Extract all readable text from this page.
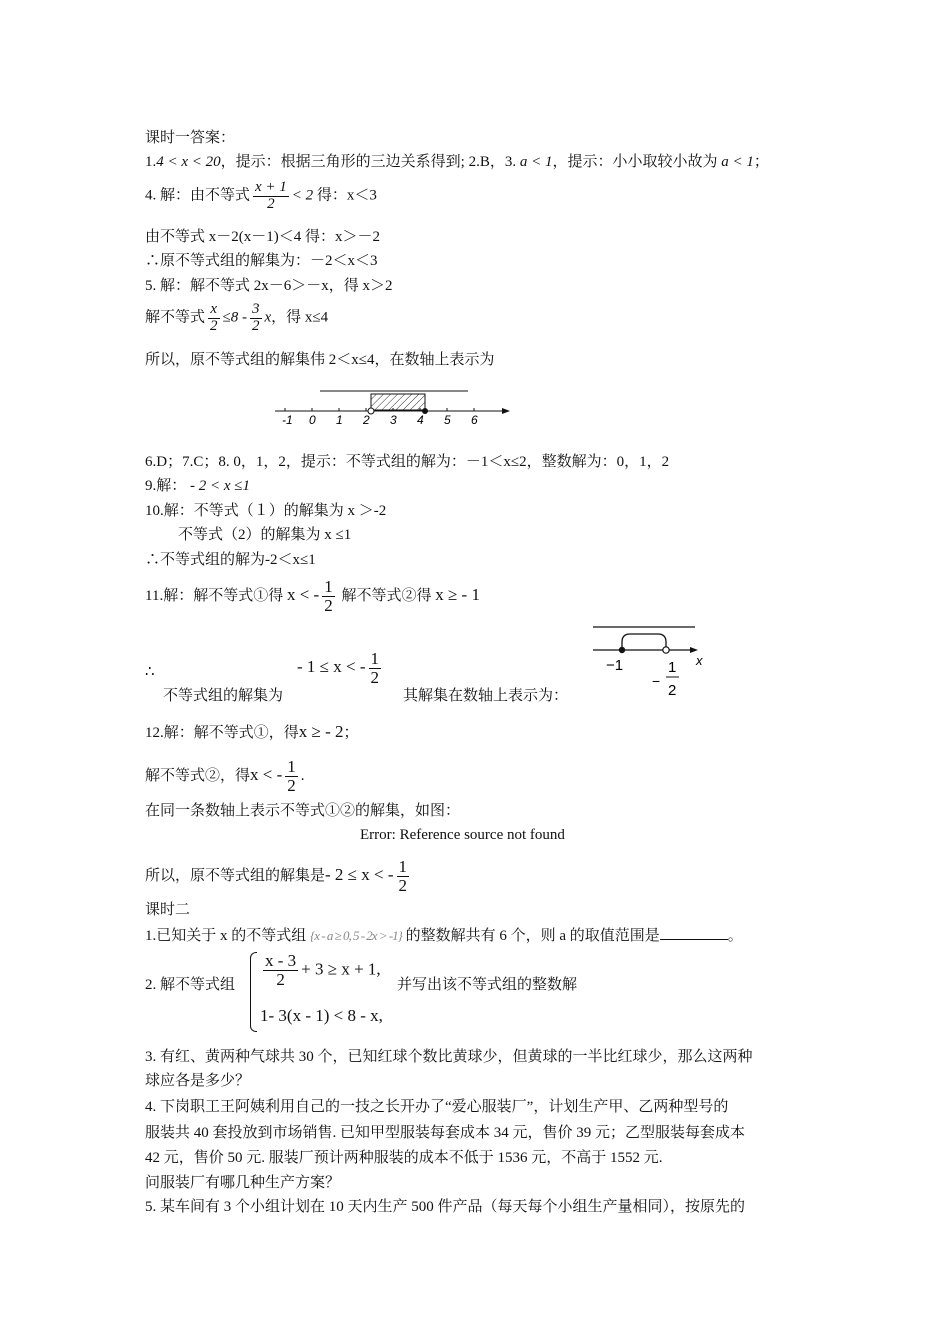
课时一答案：
1.4 < x < 20，提示：根据三角形的三边关系得到; 2.B，3. a < 1，提示：小小取较小故为 a < 1；
4. 解：由不等式 $\frac{x + 1}{2} < 2$ 得：x＜3
由不等式 x－2(x－1)＜4 得：x＞－2
∴原不等式组的解集为：－2＜x＜3
5. 解：解不等式 2x－6＞－x，得 x＞2
解不等式 $\frac{x}{2} \le 8 - \frac{3}{2}$ x，得 x≤4
所以，原不等式组的解集伟 2＜x≤4，在数轴上表示为
-1 0 1 2 3 4 5 6
6.D；7.C；8. 0，1，2，提示：不等式组的解为：－1＜x≤2，整数解为：0，1，2
9.解： - 2 < x ≤1
10.解：不等式（１）的解集为 x ＞-2
不等式（2）的解集为 x ≤1
∴不等式组的解为-2＜x≤1
11.解：解不等式①得 x < - $\frac{1}{2}$ 解不等式②得 x ≥ - 1
∴
不等式组的解集为
- 1 ≤ x < - $\frac{1}{2}$
其解集在数轴上表示为：
−1	x
−
1
2
12.解：解不等式①，得x ≥ - 2；
解不等式②，得x < - $\frac{1}{2}$ .
在同一条数轴上表示不等式①②的解集，如图：
Error: Reference source not found
所以，原不等式组的解集是- 2 ≤ x < - $\frac{1}{2}$
课时二
1.已知关于 x 的不等式组 {x - a ≥ 0, 5 - 2x > -1} 的整数解共有 6 个，则 a 的取值范围是	。
2. 解不等式组 $\frac{x - 3}{2} + 3 \ge x + 1$,
1- 3(x - 1) < 8 - x,
并写出该不等式组的整数解
3. 有红、黄两种气球共 30 个，已知红球个数比黄球少，但黄球的一半比红球少，那么这两种
球应各是多少？
4. 下岗职工王阿姨利用自己的一技之长开办了“爱心服装厂”，计划生产甲、乙两种型号的
服装共 40 套投放到市场销售. 已知甲型服装每套成本 34 元，售价 39 元；乙型服装每套成本
42 元，售价 50 元. 服装厂预计两种服装的成本不低于 1536 元，不高于 1552 元.
问服装厂有哪几种生产方案？
5. 某车间有 3 个小组计划在 10 天内生产 500 件产品（每天每个小组生产量相同），按原先的
